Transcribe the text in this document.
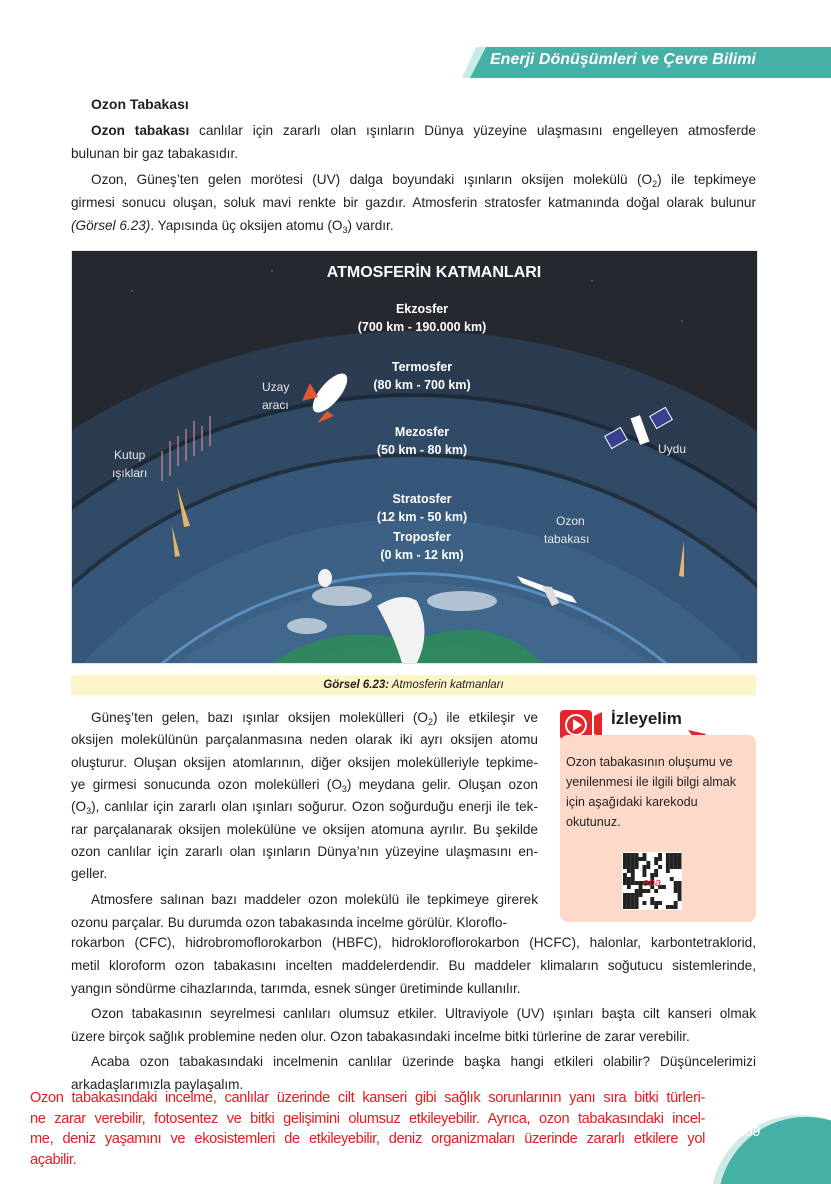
Enerji Dönüşümleri ve Çevre Bilimi
Ozon Tabakası
Ozon tabakası canlılar için zararlı olan ışınların Dünya yüzeyine ulaşmasını engelleyen atmosferde
bulunan bir gaz tabakasıdır.
Ozon, Güneş’ten gelen morötesi (UV) dalga boyundaki ışınların oksijen molekülü $(O_2)$ ile tepkimeye
girmesi sonucu oluşan, soluk mavi renkte bir gazdır. Atmosferin stratosfer katmanında doğal olarak bulunur
(Görsel 6.23). Yapısında üç oksijen atomu $(O_3)$ vardır.
ATMOSFERİN KATMANLARI
Ekzosfer
(700 km - 190.000 km)
Termosfer
(80 km - 700 km)
Mezosfer
(50 km - 80 km)
Stratosfer
(12 km - 50 km)
Troposfer
(0 km - 12 km)
Uzay
aracı
Kutup
ışıkları
Uydu
Ozon
tabakası
Görsel 6.23: Atmosferin katmanları
Güneş’ten gelen, bazı ışınlar oksijen molekülleri $(O_2)$ ile etkileşir ve
oksijen molekülünün parçalanmasına neden olarak iki ayrı oksijen atomu
oluşturur. Oluşan oksijen atomlarının, diğer oksijen molekülleriyle tepkime-
ye girmesi sonucunda ozon molekülleri $(O_3)$ meydana gelir. Oluşan ozon
$(O_3)$, canlılar için zararlı olan ışınları soğurur. Ozon soğurduğu enerji ile tek-
rar parçalanarak oksijen molekülüne ve oksijen atomuna ayrılır. Bu şekilde
ozon canlılar için zararlı olan ışınların Dünya’nın yüzeyine ulaşmasını en-
geller.
Atmosfere salınan bazı maddeler ozon molekülü ile tepkimeye girerek
ozonu parçalar. Bu durumda ozon tabakasında incelme görülür. Kloroflo-
rokarbon (CFC), hidrobromoflorokarbon (HBFC), hidrokloroflorokarbon (HCFC), halonlar, karbontetraklorid,
metil kloroform ozon tabakasını incelten maddelerdendir. Bu maddeler klimaların soğutucu sistemlerinde,
yangın söndürme cihazlarında, tarımda, esnek sünger üretiminde kullanılır.
Ozon tabakasının seyrelmesi canlıları olumsuz etkiler. Ultraviyole (UV) ışınları başta cilt kanseri olmak
üzere birçok sağlık problemine neden olur. Ozon tabakasındaki incelme bitki türlerine de zarar verebilir.
Acaba ozon tabakasındaki incelmenin canlılar üzerinde başka hangi etkileri olabilir? Düşüncelerimizi
arkadaşlarımızla paylaşalım.
İzleyelim
Ozon tabakasının oluşumu ve yenilenmesi ile ilgili bilgi almak için aşağıdaki karekodu okutunuz.
eba
Ozon tabakasındaki incelme, canlılar üzerinde cilt kanseri gibi sağlık sorunlarının yanı sıra bitki türleri-
ne zarar verebilir, fotosentez ve bitki gelişimini olumsuz etkileyebilir. Ayrıca, ozon tabakasındaki incel-
me, deniz yaşamını ve ekosistemleri de etkileyebilir, deniz organizmaları üzerinde zararlı etkilere yol
açabilir.
209
